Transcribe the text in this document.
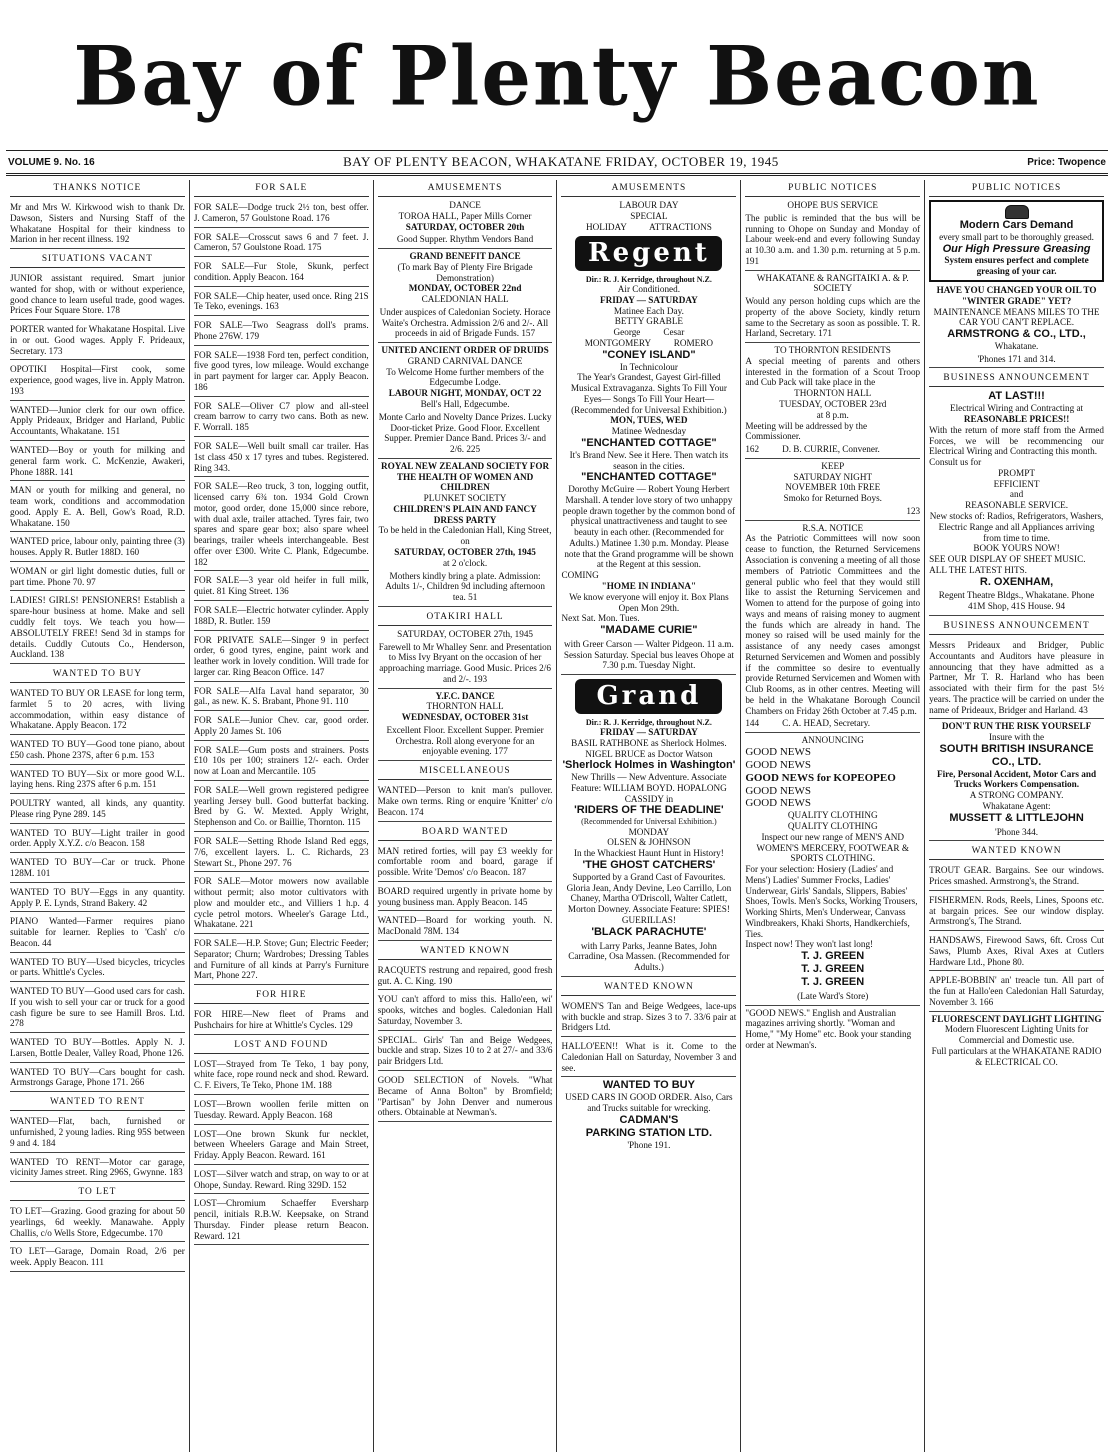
Bay of Plenty Beacon
VOLUME 9. No. 16	BAY OF PLENTY BEACON, WHAKATANE FRIDAY, OCTOBER 19, 1945	Price: Twopence
THANKS NOTICE
Mr and Mrs W. Kirkwood wish to thank Dr. Dawson, Sisters and Nursing Staff of the Whakatane Hospital for their kindness to Marion in her recent illness. 192
SITUATIONS VACANT
JUNIOR assistant required. Smart junior wanted for shop, with or without experience, good chance to learn useful trade, good wages. Prices Four Square Store. 178
PORTER wanted for Whakatane Hospital. Live in or out. Good wages. Apply F. Prideaux, Secretary. 173
OPOTIKI Hospital—First cook, some experience, good wages, live in. Apply Matron. 193
WANTED—Junior clerk for our own office. Apply Prideaux, Bridger and Harland, Public Accountants, Whakatane. 151
WANTED—Boy or youth for milking and general farm work. C. McKenzie, Awakeri, Phone 188R. 141
MAN or youth for milking and general, no team work, conditions and accommodation good. Apply E. A. Bell, Gow's Road, R.D. Whakatane. 150
WANTED price, labour only, painting three (3) houses. Apply R. Butler 188D. 160
WOMAN or girl light domestic duties, full or part time. Phone 70. 97
LADIES! GIRLS! PENSIONERS! Establish a spare-hour business at home. Make and sell cuddly felt toys. We teach you how—ABSOLUTELY FREE! Send 3d in stamps for details. Cuddly Cutouts Co., Henderson, Auckland. 138
WANTED TO BUY
WANTED TO BUY OR LEASE for long term, farmlet 5 to 20 acres, with living accommodation, within easy distance of Whakatane. Apply Beacon. 172
WANTED TO BUY—Good tone piano, about £50 cash. Phone 237S, after 6 p.m. 153
WANTED TO BUY—Six or more good W.L. laying hens. Ring 237S after 6 p.m. 151
POULTRY wanted, all kinds, any quantity. Please ring Pyne 289. 145
WANTED TO BUY—Light trailer in good order. Apply X.Y.Z. c/o Beacon. 158
WANTED TO BUY—Car or truck. Phone 128M. 101
WANTED TO BUY—Eggs in any quantity. Apply P. E. Lynds, Strand Bakery. 42
PIANO Wanted—Farmer requires piano suitable for learner. Replies to 'Cash' c/o Beacon. 44
WANTED TO BUY—Used bicycles, tricycles or parts. Whittle's Cycles.
WANTED TO BUY—Good used cars for cash. If you wish to sell your car or truck for a good cash figure be sure to see Hamill Bros. Ltd. 278
WANTED TO BUY—Bottles. Apply N. J. Larsen, Bottle Dealer, Valley Road, Phone 126.
WANTED TO BUY—Cars bought for cash. Armstrongs Garage, Phone 171. 266
WANTED TO RENT
WANTED—Flat, bach, furnished or unfurnished, 2 young ladies. Ring 95S between 9 and 4. 184
WANTED TO RENT—Motor car garage, vicinity James street. Ring 296S, Gwynne. 183
TO LET
TO LET—Grazing. Good grazing for about 50 yearlings, 6d weekly. Manawahe. Apply Challis, c/o Wells Store, Edgecumbe. 170
TO LET—Garage, Domain Road, 2/6 per week. Apply Beacon. 111
FOR SALE
FOR SALE—Dodge truck 2½ ton, best offer. J. Cameron, 57 Goulstone Road. 176
FOR SALE—Crosscut saws 6 and 7 feet. J. Cameron, 57 Goulstone Road. 175
FOR SALE—Fur Stole, Skunk, perfect condition. Apply Beacon. 164
FOR SALE—Chip heater, used once. Ring 21S Te Teko, evenings. 163
FOR SALE—Two Seagrass doll's prams. Phone 276W. 179
FOR SALE—1938 Ford ten, perfect condition, five good tyres, low mileage. Would exchange in part payment for larger car. Apply Beacon. 186
FOR SALE—Oliver C7 plow and all-steel cream barrow to carry two cans. Both as new. F. Worrall. 185
FOR SALE—Well built small car trailer. Has 1st class 450 x 17 tyres and tubes. Registered. Ring 343.
FOR SALE—Reo truck, 3 ton, logging outfit, licensed carry 6¾ ton. 1934 Gold Crown motor, good order, done 15,000 since rebore, with dual axle, trailer attached. Tyres fair, two spares and spare gear box; also spare wheel bearings, trailer wheels interchangeable. Best offer over £300. Write C. Plank, Edgecumbe. 182
FOR SALE—3 year old heifer in full milk, quiet. 81 King Street. 136
FOR SALE—Electric hotwater cylinder. Apply 188D, R. Butler. 159
FOR PRIVATE SALE—Singer 9 in perfect order, 6 good tyres, engine, paint work and leather work in lovely condition. Will trade for larger car. Ring Beacon Office. 147
FOR SALE—Alfa Laval hand separator, 30 gal., as new. K. S. Brabant, Phone 91. 110
FOR SALE—Junior Chev. car, good order. Apply 20 James St. 106
FOR SALE—Gum posts and strainers. Posts £10 10s per 100; strainers 12/- each. Order now at Loan and Mercantile. 105
FOR SALE—Well grown registered pedigree yearling Jersey bull. Good butterfat backing. Bred by G. W. Mexted. Apply Wright, Stephenson and Co. or Baillie, Thornton. 115
FOR SALE—Setting Rhode Island Red eggs, 7/6, excellent layers. L. C. Richards, 23 Stewart St., Phone 297. 76
FOR SALE—Motor mowers now available without permit; also motor cultivators with plow and moulder etc., and Villiers 1 h.p. 4 cycle petrol motors. Wheeler's Garage Ltd., Whakatane. 221
FOR SALE—H.P. Stove; Gun; Electric Feeder; Separator; Churn; Wardrobes; Dressing Tables and Furniture of all kinds at Parry's Furniture Mart, Phone 227.
FOR HIRE
FOR HIRE—New fleet of Prams and Pushchairs for hire at Whittle's Cycles. 129
LOST AND FOUND
LOST—Strayed from Te Teko, 1 bay pony, white face, rope round neck and shod. Reward. C. F. Eivers, Te Teko, Phone 1M. 188
LOST—Brown woollen ferile mitten on Tuesday. Reward. Apply Beacon. 168
LOST—One brown Skunk fur necklet, between Wheelers Garage and Main Street, Friday. Apply Beacon. Reward. 161
LOST—Silver watch and strap, on way to or at Ohope, Sunday. Reward. Ring 329D. 152
LOST—Chromium Schaeffer Eversharp pencil, initials R.B.W. Keepsake, on Strand Thursday. Finder please return Beacon. Reward. 121
AMUSEMENTS
DANCE
TOROA HALL, Paper Mills Corner
SATURDAY, OCTOBER 20th
Good Supper. Rhythm Vendors Band
GRAND BENEFIT DANCE
(To mark Bay of Plenty Fire Brigade Demonstration)
MONDAY, OCTOBER 22nd
CALEDONIAN HALL
Under auspices of Caledonian Society. Horace Waite's Orchestra. Admission 2/6 and 2/-. All proceeds in aid of Brigade Funds. 157
UNITED ANCIENT ORDER OF DRUIDS
GRAND CARNIVAL DANCE
To Welcome Home further members of the Edgecumbe Lodge.
LABOUR NIGHT, MONDAY, OCT 22
Bell's Hall, Edgecumbe.
Monte Carlo and Novelty Dance Prizes. Lucky Door-ticket Prize. Good Floor. Excellent Supper. Premier Dance Band. Prices 3/- and 2/6. 225
ROYAL NEW ZEALAND SOCIETY FOR THE HEALTH OF WOMEN AND CHILDREN
PLUNKET SOCIETY
CHILDREN'S PLAIN AND FANCY DRESS PARTY
To be held in the Caledonian Hall, King Street, on
SATURDAY, OCTOBER 27th, 1945
at 2 o'clock.
Mothers kindly bring a plate. Admission: Adults 1/-, Children 9d including afternoon tea. 51
OTAKIRI HALL
SATURDAY, OCTOBER 27th, 1945
Farewell to Mr Whalley Senr. and Presentation to Miss Ivy Bryant on the occasion of her approaching marriage. Good Music. Prices 2/6 and 2/-. 193
Y.F.C. DANCE
THORNTON HALL
WEDNESDAY, OCTOBER 31st
Excellent Floor. Excellent Supper. Premier Orchestra. Roll along everyone for an enjoyable evening. 177
MISCELLANEOUS
WANTED—Person to knit man's pullover. Make own terms. Ring or enquire 'Knitter' c/o Beacon. 174
BOARD WANTED
MAN retired forties, will pay £3 weekly for comfortable room and board, garage if possible. Write 'Demos' c/o Beacon. 187
BOARD required urgently in private home by young business man. Apply Beacon. 145
WANTED—Board for working youth. N. MacDonald 78M. 134
WANTED KNOWN
RACQUETS restrung and repaired, good fresh gut. A. C. King. 190
YOU can't afford to miss this. Hallo'een, wi' spooks, witches and bogles. Caledonian Hall Saturday, November 3.
SPECIAL. Girls' Tan and Beige Wedgees, buckle and strap. Sizes 10 to 2 at 27/- and 33/6 pair Bridgers Ltd.
GOOD SELECTION of Novels. "What Became of Anna Bolton" by Bromfield; "Partisan" by John Denver and numerous others. Obtainable at Newman's.
AMUSEMENTS
LABOUR DAY
SPECIAL
HOLIDAY          ATTRACTIONS
Regent
Dir.: R. J. Kerridge, throughout N.Z.
Air Conditioned.
FRIDAY — SATURDAY
Matinee Each Day.
BETTY GRABLE
George          Cesar
MONTGOMERY          ROMERO
"CONEY ISLAND"
In Technicolour
The Year's Grandest, Gayest Girl-filled Musical Extravaganza. Sights To Fill Your Eyes— Songs To Fill Your Heart— (Recommended for Universal Exhibition.)
MON, TUES, WED
Matinee Wednesday
"ENCHANTED COTTAGE"
It's Brand New. See it Here. Then watch its season in the cities.
"ENCHANTED COTTAGE"
Dorothy McGuire — Robert Young Herbert Marshall. A tender love story of two unhappy people drawn together by the common bond of physical unattractiveness and taught to see beauty in each other. (Recommended for Adults.) Matinee 1.30 p.m. Monday. Please note that the Grand programme will be shown at the Regent at this session.
COMING
"HOME IN INDIANA"
We know everyone will enjoy it. Box Plans Open Mon 29th.
Next Sat. Mon. Tues.
"MADAME CURIE"
with Greer Carson — Walter Pidgeon. 11 a.m. Session Saturday. Special bus leaves Ohope at 7.30 p.m. Tuesday Night.
Grand
Dir.: R. J. Kerridge, throughout N.Z.
FRIDAY — SATURDAY
BASIL RATHBONE as Sherlock Holmes. NIGEL BRUCE as Doctor Watson
'Sherlock Holmes in Washington'
New Thrills — New Adventure. Associate Feature: WILLIAM BOYD. HOPALONG CASSIDY in
'RIDERS OF THE DEADLINE'
(Recommended for Universal Exhibition.)
MONDAY
OLSEN & JOHNSON
In the Whackiest Haunt Hunt in History!
'THE GHOST CATCHERS'
Supported by a Grand Cast of Favourites. Gloria Jean, Andy Devine, Leo Carrillo, Lon Chaney, Martha O'Driscoll, Walter Catlett, Morton Downey. Associate Feature: SPIES! GUERILLAS!
'BLACK PARACHUTE'
with Larry Parks, Jeanne Bates, John Carradine, Osa Massen. (Recommended for Adults.)
WANTED KNOWN
WOMEN'S Tan and Beige Wedgees, lace-ups with buckle and strap. Sizes 3 to 7. 33/6 pair at Bridgers Ltd.
HALLO'EEN!! What is it. Come to the Caledonian Hall on Saturday, November 3 and see.
WANTED TO BUY
USED CARS IN GOOD ORDER. Also, Cars and Trucks suitable for wrecking.
CADMAN'S
PARKING STATION LTD.
'Phone 191.
PUBLIC NOTICES
OHOPE BUS SERVICE
The public is reminded that the bus will be running to Ohope on Sunday and Monday of Labour week-end and every following Sunday at 10.30 a.m. and 1.30 p.m. returning at 5 p.m. 191
WHAKATANE & RANGITAIKI A. & P. SOCIETY
Would any person holding cups which are the property of the above Society, kindly return same to the Secretary as soon as possible. T. R. Harland, Secretary. 171
TO THORNTON RESIDENTS
A special meeting of parents and others interested in the formation of a Scout Troop and Cub Pack will take place in the
THORNTON HALL
TUESDAY, OCTOBER 23rd
at 8 p.m.
Meeting will be addressed by the Commissioner.
162          D. B. CURRIE, Convener.
KEEP
SATURDAY NIGHT
NOVEMBER 10th FREE
Smoko for Returned Boys.
123
R.S.A. NOTICE
As the Patriotic Committees will now soon cease to function, the Returned Servicemens Association is convening a meeting of all those members of Patriotic Committees and the general public who feel that they would still like to assist the Returning Servicemen and Women to attend for the purpose of going into ways and means of raising money to augment the funds which are already in hand. The money so raised will be used mainly for the assistance of any needy cases amongst Returned Servicemen and Women and possibly if the committee so desire to eventually provide Returned Servicemen and Women with Club Rooms, as in other centres. Meeting will be held in the Whakatane Borough Council Chambers on Friday 26th October at 7.45 p.m.
144          C. A. HEAD, Secretary.
ANNOUNCING
GOOD NEWS
GOOD NEWS
GOOD NEWS for KOPEOPEO
GOOD NEWS
GOOD NEWS
QUALITY CLOTHING
QUALITY CLOTHING
Inspect our new range of MEN'S AND WOMEN'S MERCERY, FOOTWEAR & SPORTS CLOTHING.
For your selection: Hosiery (Ladies' and Mens') Ladies' Summer Frocks, Ladies' Underwear, Girls' Sandals, Slippers, Babies' Shoes, Towls. Men's Socks, Working Trousers, Working Shirts, Men's Underwear, Canvass Windbreakers, Khaki Shorts, Handkerchiefs, Ties.
Inspect now! They won't last long!
T. J. GREEN
T. J. GREEN
T. J. GREEN
(Late Ward's Store)
"GOOD NEWS." English and Australian magazines arriving shortly. "Woman and Home," "My Home" etc. Book your standing order at Newman's.
PUBLIC NOTICES
Modern Cars Demand
every small part to be thoroughly greased.
Our High Pressure Greasing
System ensures perfect and complete greasing of your car.
HAVE YOU CHANGED YOUR OIL TO "WINTER GRADE" YET?
MAINTENANCE MEANS MILES TO THE CAR YOU CAN'T REPLACE.
ARMSTRONG & CO., LTD.,
Whakatane.
'Phones 171 and 314.
BUSINESS ANNOUNCEMENT
AT LAST!!!
Electrical Wiring and Contracting at
REASONABLE PRICES!!
With the return of more staff from the Armed Forces, we will be recommencing our Electrical Wiring and Contracting this month.
Consult us for
PROMPT
EFFICIENT
and
REASONABLE SERVICE.
New stocks of: Radios, Refrigerators, Washers, Electric Range and all Appliances arriving from time to time.
BOOK YOURS NOW!
SEE OUR DISPLAY OF SHEET MUSIC. ALL THE LATEST HITS.
R. OXENHAM,
Regent Theatre Bldgs., Whakatane. Phone 41M Shop, 41S House. 94
BUSINESS ANNOUNCEMENT
Messrs Prideaux and Bridger, Public Accountants and Auditors have pleasure in announcing that they have admitted as a Partner, Mr T. R. Harland who has been associated with their firm for the past 5½ years. The practice will be carried on under the name of Prideaux, Bridger and Harland. 43
DON'T RUN THE RISK YOURSELF
Insure with the
SOUTH BRITISH INSURANCE CO., LTD.
Fire, Personal Accident, Motor Cars and Trucks Workers Compensation.
A STRONG COMPANY.
Whakatane Agent:
MUSSETT & LITTLEJOHN
'Phone 344.
WANTED KNOWN
TROUT GEAR. Bargains. See our windows. Prices smashed. Armstrong's, the Strand.
FISHERMEN. Rods, Reels, Lines, Spoons etc. at bargain prices. See our window display. Armstrong's, The Strand.
HANDSAWS, Firewood Saws, 6ft. Cross Cut Saws, Plumb Axes, Rival Axes at Cutlers Hardware Ltd., Phone 80.
APPLE-BOBBIN' an' treacle tun. All part of the fun at Hallo'een Caledonian Hall Saturday, November 3. 166
FLUORESCENT DAYLIGHT LIGHTING
Modern Fluorescent Lighting Units for Commercial and Domestic use.
Full particulars at the WHAKATANE RADIO & ELECTRICAL CO.
